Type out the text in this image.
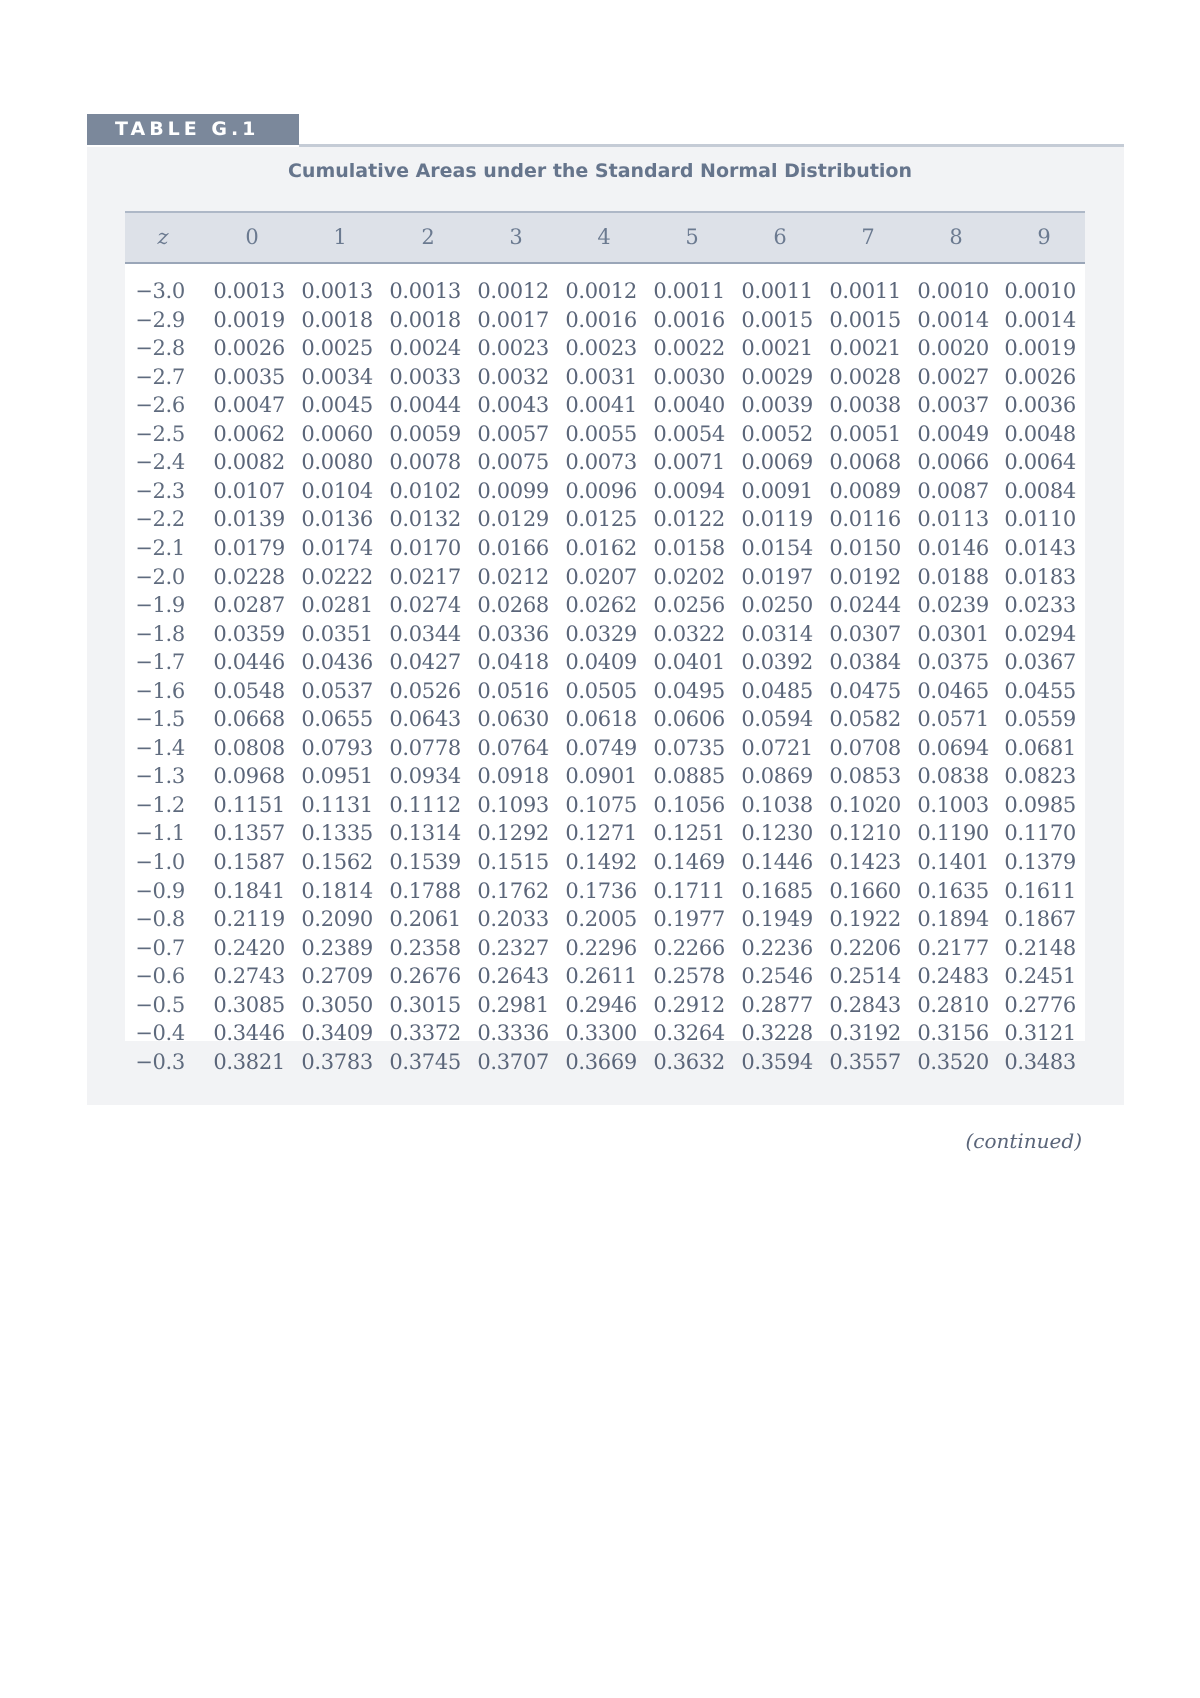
TABLE G.1
Cumulative Areas under the Standard Normal Distribution
z	0	1	2	3	4	5	6	7	8	9
−3.0	0.0013 0.0013 0.0013 0.0012 0.0012 0.0011 0.0011 0.0011 0.0010 0.0010
−2.9	0.0019 0.0018 0.0018 0.0017 0.0016 0.0016 0.0015 0.0015 0.0014 0.0014
−2.8	0.0026 0.0025 0.0024 0.0023 0.0023 0.0022 0.0021 0.0021 0.0020 0.0019
−2.7	0.0035 0.0034 0.0033 0.0032 0.0031 0.0030 0.0029 0.0028 0.0027 0.0026
−2.6	0.0047 0.0045 0.0044 0.0043 0.0041 0.0040 0.0039 0.0038 0.0037 0.0036
−2.5	0.0062 0.0060 0.0059 0.0057 0.0055 0.0054 0.0052 0.0051 0.0049 0.0048
−2.4	0.0082 0.0080 0.0078 0.0075 0.0073 0.0071 0.0069 0.0068 0.0066 0.0064
−2.3	0.0107 0.0104 0.0102 0.0099 0.0096 0.0094 0.0091 0.0089 0.0087 0.0084
−2.2	0.0139 0.0136 0.0132 0.0129 0.0125 0.0122 0.0119 0.0116 0.0113 0.0110
−2.1	0.0179 0.0174 0.0170 0.0166 0.0162 0.0158 0.0154 0.0150 0.0146 0.0143
−2.0	0.0228 0.0222 0.0217 0.0212 0.0207 0.0202 0.0197 0.0192 0.0188 0.0183
−1.9	0.0287 0.0281 0.0274 0.0268 0.0262 0.0256 0.0250 0.0244 0.0239 0.0233
−1.8	0.0359 0.0351 0.0344 0.0336 0.0329 0.0322 0.0314 0.0307 0.0301 0.0294
−1.7	0.0446 0.0436 0.0427 0.0418 0.0409 0.0401 0.0392 0.0384 0.0375 0.0367
−1.6	0.0548 0.0537 0.0526 0.0516 0.0505 0.0495 0.0485 0.0475 0.0465 0.0455
−1.5	0.0668 0.0655 0.0643 0.0630 0.0618 0.0606 0.0594 0.0582 0.0571 0.0559
−1.4	0.0808 0.0793 0.0778 0.0764 0.0749 0.0735 0.0721 0.0708 0.0694 0.0681
−1.3	0.0968 0.0951 0.0934 0.0918 0.0901 0.0885 0.0869 0.0853 0.0838 0.0823
−1.2	0.1151 0.1131 0.1112 0.1093 0.1075 0.1056 0.1038 0.1020 0.1003 0.0985
−1.1	0.1357 0.1335 0.1314 0.1292 0.1271 0.1251 0.1230 0.1210 0.1190 0.1170
−1.0	0.1587 0.1562 0.1539 0.1515 0.1492 0.1469 0.1446 0.1423 0.1401 0.1379
−0.9	0.1841 0.1814 0.1788 0.1762 0.1736 0.1711 0.1685 0.1660 0.1635 0.1611
−0.8	0.2119 0.2090 0.2061 0.2033 0.2005 0.1977 0.1949 0.1922 0.1894 0.1867
−0.7	0.2420 0.2389 0.2358 0.2327 0.2296 0.2266 0.2236 0.2206 0.2177 0.2148
−0.6	0.2743 0.2709 0.2676 0.2643 0.2611 0.2578 0.2546 0.2514 0.2483 0.2451
−0.5	0.3085 0.3050 0.3015 0.2981 0.2946 0.2912 0.2877 0.2843 0.2810 0.2776
−0.4	0.3446 0.3409 0.3372 0.3336 0.3300 0.3264 0.3228 0.3192 0.3156 0.3121
−0.3	0.3821 0.3783 0.3745 0.3707 0.3669 0.3632 0.3594 0.3557 0.3520 0.3483
(continued)
